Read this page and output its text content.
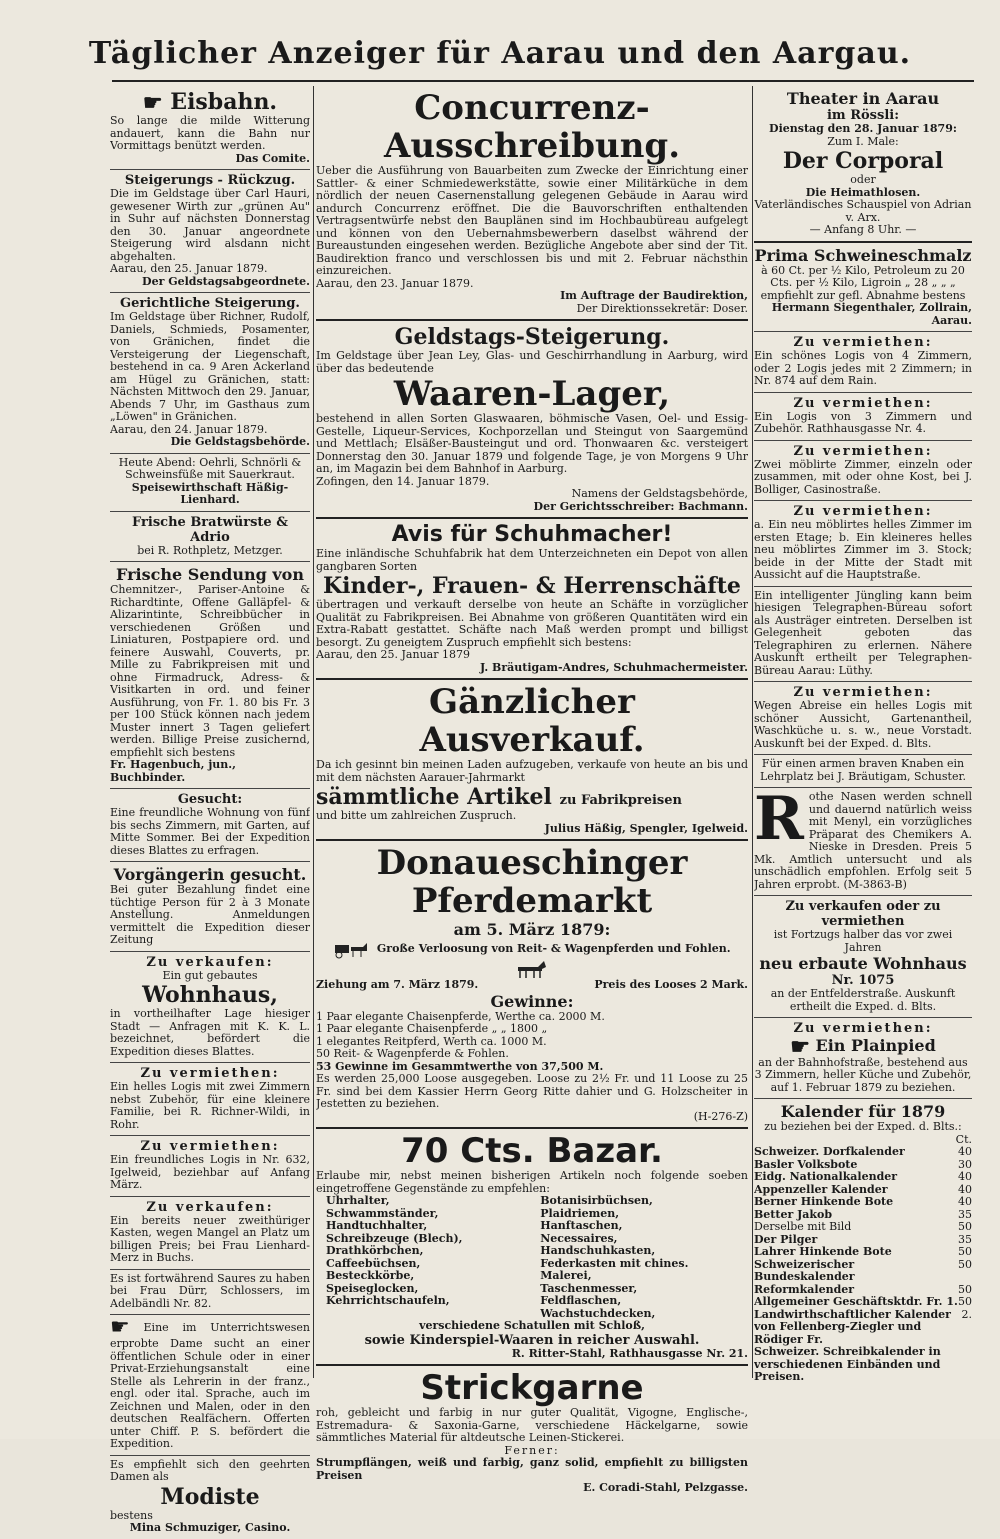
Täglicher Anzeiger für Aarau und den Aargau.
☛ Eisbahn.

So lange die milde Witterung andauert, kann die Bahn nur Vormittags benützt werden.

Das Comite.

Steigerungs - Rückzug.

Die im Geldstage über Carl Hauri, gewesener Wirth zur „grünen Au" in Suhr auf nächsten Donnerstag den 30. Januar angeordnete Steigerung wird alsdann nicht abgehalten.

Aarau, den 25. Januar 1879.

Der Geldstagsabgeordnete.

Gerichtliche Steigerung.

Im Geldstage über Richner, Rudolf, Daniels, Schmieds, Posamenter, von Gränichen, findet die Versteigerung der Liegenschaft, bestehend in ca. 9 Aren Ackerland am Hügel zu Gränichen, statt: Nächsten Mittwoch den 29. Januar, Abends 7 Uhr, im Gasthaus zum „Löwen" in Gränichen.

Aarau, den 24. Januar 1879.

Die Geldstagsbehörde.

Heute Abend: Oehrli, Schnörli & Schweinsfüße mit Sauerkraut.

Speisewirthschaft Häßig-Lienhard.

Frische Bratwürste & Adrio

bei R. Rothpletz, Metzger.

Frische Sendung von

Chemnitzer-, Pariser-Antoine & Richardtinte, Offene Galläpfel- & Alizarintinte, Schreibbücher in verschiedenen Größen und Liniaturen, Postpapiere ord. und feinere Auswahl, Couverts, pr. Mille zu Fabrikpreisen mit und ohne Firmadruck, Adress- & Visitkarten in ord. und feiner Ausführung, von Fr. 1. 80 bis Fr. 3 per 100 Stück können nach jedem Muster innert 3 Tagen geliefert werden. Billige Preise zusichernd, empfiehlt sich bestens

Fr. Hagenbuch, jun., Buchbinder.

Gesucht:

Eine freundliche Wohnung von fünf bis sechs Zimmern, mit Garten, auf Mitte Sommer. Bei der Expedition dieses Blattes zu erfragen.

Vorgängerin gesucht.

Bei guter Bezahlung findet eine tüchtige Person für 2 à 3 Monate Anstellung. Anmeldungen vermittelt die Expedition dieser Zeitung

Zu verkaufen:

Ein gut gebautes

Wohnhaus,

in vortheilhafter Lage hiesiger Stadt — Anfragen mit K. K. L. bezeichnet, befördert die Expedition dieses Blattes.

Zu vermiethen:

Ein helles Logis mit zwei Zimmern nebst Zubehör, für eine kleinere Familie, bei R. Richner-Wildi, in Rohr.

Zu vermiethen:

Ein freundliches Logis in Nr. 632, Igelweid, beziehbar auf Anfang März.

Zu verkaufen:

Ein bereits neuer zweithüriger Kasten, wegen Mangel an Platz um billigen Preis; bei Frau Lienhard-Merz in Buchs.

Es ist fortwährend Saures zu haben bei Frau Dürr, Schlossers, im Adelbändli Nr. 82.

☛ Eine im Unterrichtswesen erprobte Dame sucht an einer öffentlichen Schule oder in einer Privat-Erziehungsanstalt eine Stelle als Lehrerin in der franz., engl. oder ital. Sprache, auch im Zeichnen und Malen, oder in den deutschen Realfächern. Offerten unter Chiff. P. S. befördert die Expedition.

Es empfiehlt sich den geehrten Damen als

Modiste

bestens

Mina Schmuziger, Casino.

Concurrenz-Ausschreibung.

Ueber die Ausführung von Bauarbeiten zum Zwecke der Einrichtung einer Sattler- & einer Schmiedewerkstätte, sowie einer Militärküche in dem nördlich der neuen Casernenstallung gelegenen Gebäude in Aarau wird andurch Concurrenz eröffnet. Die die Bauvorschriften enthaltenden Vertragsentwürfe nebst den Bauplänen sind im Hochbaubüreau aufgelegt und können von den Uebernahmsbewerbern daselbst während der Bureaustunden eingesehen werden. Bezügliche Angebote aber sind der Tit. Baudirektion franco und verschlossen bis und mit 2. Februar nächsthin einzureichen.

Aarau, den 23. Januar 1879.

Im Auftrage der Baudirektion,

Der Direktionssekretär: Doser.

Geldstags-Steigerung.

Im Geldstage über Jean Ley, Glas- und Geschirrhandlung in Aarburg, wird über das bedeutende

Waaren-Lager,

bestehend in allen Sorten Glaswaaren, böhmische Vasen, Oel- und Essig-Gestelle, Liqueur-Services, Kochporzellan und Steingut von Saargemünd und Mettlach; Elsäßer-Bausteingut und ord. Thonwaaren &c. versteigert Donnerstag den 30. Januar 1879 und folgende Tage, je von Morgens 9 Uhr an, im Magazin bei dem Bahnhof in Aarburg.

Zofingen, den 14. Januar 1879.

Namens der Geldstagsbehörde,

Der Gerichtsschreiber: Bachmann.

Avis für Schuhmacher!

Eine inländische Schuhfabrik hat dem Unterzeichneten ein Depot von allen gangbaren Sorten

Kinder-, Frauen- & Herrenschäfte

übertragen und verkauft derselbe von heute an Schäfte in vorzüglicher Qualität zu Fabrikpreisen. Bei Abnahme von größeren Quantitäten wird ein Extra-Rabatt gestattet. Schäfte nach Maß werden prompt und billigst besorgt. Zu geneigtem Zuspruch empfiehlt sich bestens:

Aarau, den 25. Januar 1879

J. Bräutigam-Andres, Schuhmachermeister.

Gänzlicher Ausverkauf.

Da ich gesinnt bin meinen Laden aufzugeben, verkaufe von heute an bis und mit dem nächsten Aarauer-Jahrmarkt

sämmtliche Artikel zu Fabrikpreisen

und bitte um zahlreichen Zuspruch.

Julius Häßig, Spengler, Igelweid.

Donaueschinger Pferdemarkt
am 5. März 1879:
Große Verloosung von Reit- & Wagenpferden und Fohlen.
Ziehung am 7. März 1879.	Preis des Looses 2 Mark.
Gewinne:

1 Paar elegante Chaisenpferde, Werthe ca. 2000 M.

1 Paar elegante Chaisenpferde „ „ 1800 „

1 elegantes Reitpferd, Werth ca. 1000 M.

50 Reit- & Wagenpferde & Fohlen.

53 Gewinne im Gesammtwerthe von 37,500 M.

Es werden 25,000 Loose ausgegeben. Loose zu 2½ Fr. und 11 Loose zu 25 Fr. sind bei dem Kassier Herrn Georg Ritte dahier und G. Holzscheiter in Jestetten zu beziehen.

(H-276-Z)

70 Cts. Bazar.

Erlaube mir, nebst meinen bisherigen Artikeln noch folgende soeben eingetroffene Gegenstände zu empfehlen:

Uhrhalter,

Schwammständer,

Handtuchhalter,

Schreibzeuge (Blech),

Drathkörbchen,

Caffeebüchsen,

Besteckkörbe,

Speiseglocken,

Kehrrichtschaufeln,

Botanisirbüchsen,

Plaidriemen,

Hanftaschen,

Necessaires,

Handschuhkasten,

Federkasten mit chines. Malerei,

Taschenmesser,

Feldflaschen,

Wachstuchdecken,

verschiedene Schatullen mit Schloß,

sowie Kinderspiel-Waaren in reicher Auswahl.

R. Ritter-Stahl, Rathhausgasse Nr. 21.

Strickgarne

roh, gebleicht und farbig in nur guter Qualität, Vigogne, Englische-, Estremadura- & Saxonia-Garne, verschiedene Häckelgarne, sowie sämmtliches Material für altdeutsche Leinen-Stickerei.

Ferner:

Strumpflängen, weiß und farbig, ganz solid, empfiehlt zu billigsten Preisen

E. Coradi-Stahl, Pelzgasse.

Theater in Aarau
im Rössli:

Dienstag den 28. Januar 1879:

Zum I. Male:

Der Corporal

oder

Die Heimathlosen.

Vaterländisches Schauspiel von Adrian v. Arx.

— Anfang 8 Uhr. —

Prima Schweineschmalz

à 60 Ct. per ½ Kilo, Petroleum zu 20 Cts. per ½ Kilo, Ligroin „ 28 „ „ „ empfiehlt zur gefl. Abnahme bestens

Hermann Siegenthaler, Zollrain, Aarau.

Zu vermiethen:

Ein schönes Logis von 4 Zimmern, oder 2 Logis jedes mit 2 Zimmern; in Nr. 874 auf dem Rain.

Zu vermiethen:

Ein Logis von 3 Zimmern und Zubehör. Rathhausgasse Nr. 4.

Zu vermiethen:

Zwei möblirte Zimmer, einzeln oder zusammen, mit oder ohne Kost, bei J. Bolliger, Casinostraße.

Zu vermiethen:

a. Ein neu möblirtes helles Zimmer im ersten Etage; b. Ein kleineres helles neu möblirtes Zimmer im 3. Stock; beide in der Mitte der Stadt mit Aussicht auf die Hauptstraße.

Ein intelligenter Jüngling kann beim hiesigen Telegraphen-Büreau sofort als Austräger eintreten. Derselben ist Gelegenheit geboten das Telegraphiren zu erlernen. Nähere Auskunft ertheilt per Telegraphen-Büreau Aarau: Lüthy.

Zu vermiethen:

Wegen Abreise ein helles Logis mit schöner Aussicht, Gartenantheil, Waschküche u. s. w., neue Vorstadt. Auskunft bei der Exped. d. Blts.

Für einen armen braven Knaben ein Lehrplatz bei J. Bräutigam, Schuster.

Rothe Nasen werden schnell und dauernd natürlich weiss mit Menyl, ein vorzügliches Präparat des Chemikers A. Nieske in Dresden. Preis 5 Mk. Amtlich untersucht und als unschädlich empfohlen. Erfolg seit 5 Jahren erprobt. (M-3863-B)

Zu verkaufen oder zu vermiethen

ist Fortzugs halber das vor zwei Jahren

neu erbaute Wohnhaus
Nr. 1075

an der Entfelderstraße. Auskunft ertheilt die Exped. d. Blts.

Zu vermiethen:
☛ Ein Plainpied

an der Bahnhofstraße, bestehend aus 3 Zimmern, heller Küche und Zubehör, auf 1. Februar 1879 zu beziehen.

Kalender für 1879

zu beziehen bei der Exped. d. Blts.:

Ct.

Schweizer. Dorfkalender	40
Basler Volksbote	30
Eidg. Nationalkalender	40
Appenzeller Kalender	40
Berner Hinkende Bote	40
Better Jakob	35
Derselbe mit Bild	50
Der Pilger	35
Lahrer Hinkende Bote	50
Schweizerischer Bundeskalender
50
Reformkalender	50
Allgemeiner Geschäftsktdr. Fr. 1. 50
Landwirthschaftlicher Kalender von Fellenberg-Ziegler und Rödiger Fr.
2.

Schweizer. Schreibkalender in verschiedenen Einbänden und Preisen.
